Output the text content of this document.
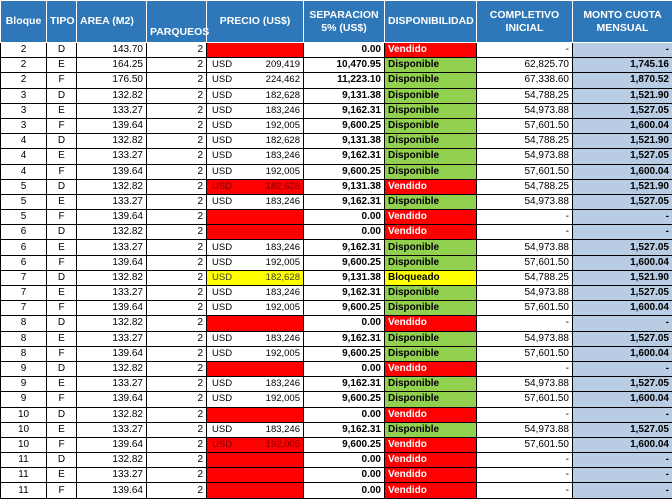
Bloque	TIPO	AREA (M2)	PARQUEOS	PRECIO (US$)	SEPARACION 5% (US$)	DISPONIBILIDAD	COMPLETIVO INICIAL	MONTO CUOTA MENSUAL
2	D	143.70	2		0.00	Vendido	-	-
2	E	164.25	2	USD 209,419	10,470.95	Disponible	62,825.70	1,745.16
2	F	176.50	2	USD 224,462	11,223.10	Disponible	67,338.60	1,870.52
3	D	132.82	2	USD 182,628	9,131.38	Disponible	54,788.25	1,521.90
3	E	133.27	2	USD 183,246	9,162.31	Disponible	54,973.88	1,527.05
3	F	139.64	2	USD 192,005	9,600.25	Disponible	57,601.50	1,600.04
4	D	132.82	2	USD 182,628	9,131.38	Disponible	54,788.25	1,521.90
4	E	133.27	2	USD 183,246	9,162.31	Disponible	54,973.88	1,527.05
4	F	139.64	2	USD 192,005	9,600.25	Disponible	57,601.50	1,600.04
5	D	132.82	2	USD 182,628	9,131.38	Vendido	54,788.25	1,521.90
5	E	133.27	2	USD 183,246	9,162.31	Disponible	54,973.88	1,527.05
5	F	139.64	2		0.00	Vendido	-	-
6	D	132.82	2		0.00	Vendido	-	-
6	E	133.27	2	USD 183,246	9,162.31	Disponible	54,973.88	1,527.05
6	F	139.64	2	USD 192,005	9,600.25	Disponible	57,601.50	1,600.04
7	D	132.82	2	USD 182,628	9,131.38	Bloqueado	54,788.25	1,521.90
7	E	133.27	2	USD 183,246	9,162.31	Disponible	54,973.88	1,527.05
7	F	139.64	2	USD 192,005	9,600.25	Disponible	57,601.50	1,600.04
8	D	132.82	2		0.00	Vendido	-	-
8	E	133.27	2	USD 183,246	9,162.31	Disponible	54,973.88	1,527.05
8	F	139.64	2	USD 192,005	9,600.25	Disponible	57,601.50	1,600.04
9	D	132.82	2		0.00	Vendido	-	-
9	E	133.27	2	USD 183,246	9,162.31	Disponible	54,973.88	1,527.05
9	F	139.64	2	USD 192,005	9,600.25	Disponible	57,601.50	1,600.04
10	D	132.82	2		0.00	Vendido	-	-
10	E	133.27	2	USD 183,246	9,162.31	Disponible	54,973.88	1,527.05
10	F	139.64	2	USD 192,005	9,600.25	Vendido	57,601.50	1,600.04
11	D	132.82	2		0.00	Vendido	-	-
11	E	133.27	2		0.00	Vendido	-	-
11	F	139.64	2		0.00	Vendido	-	-
